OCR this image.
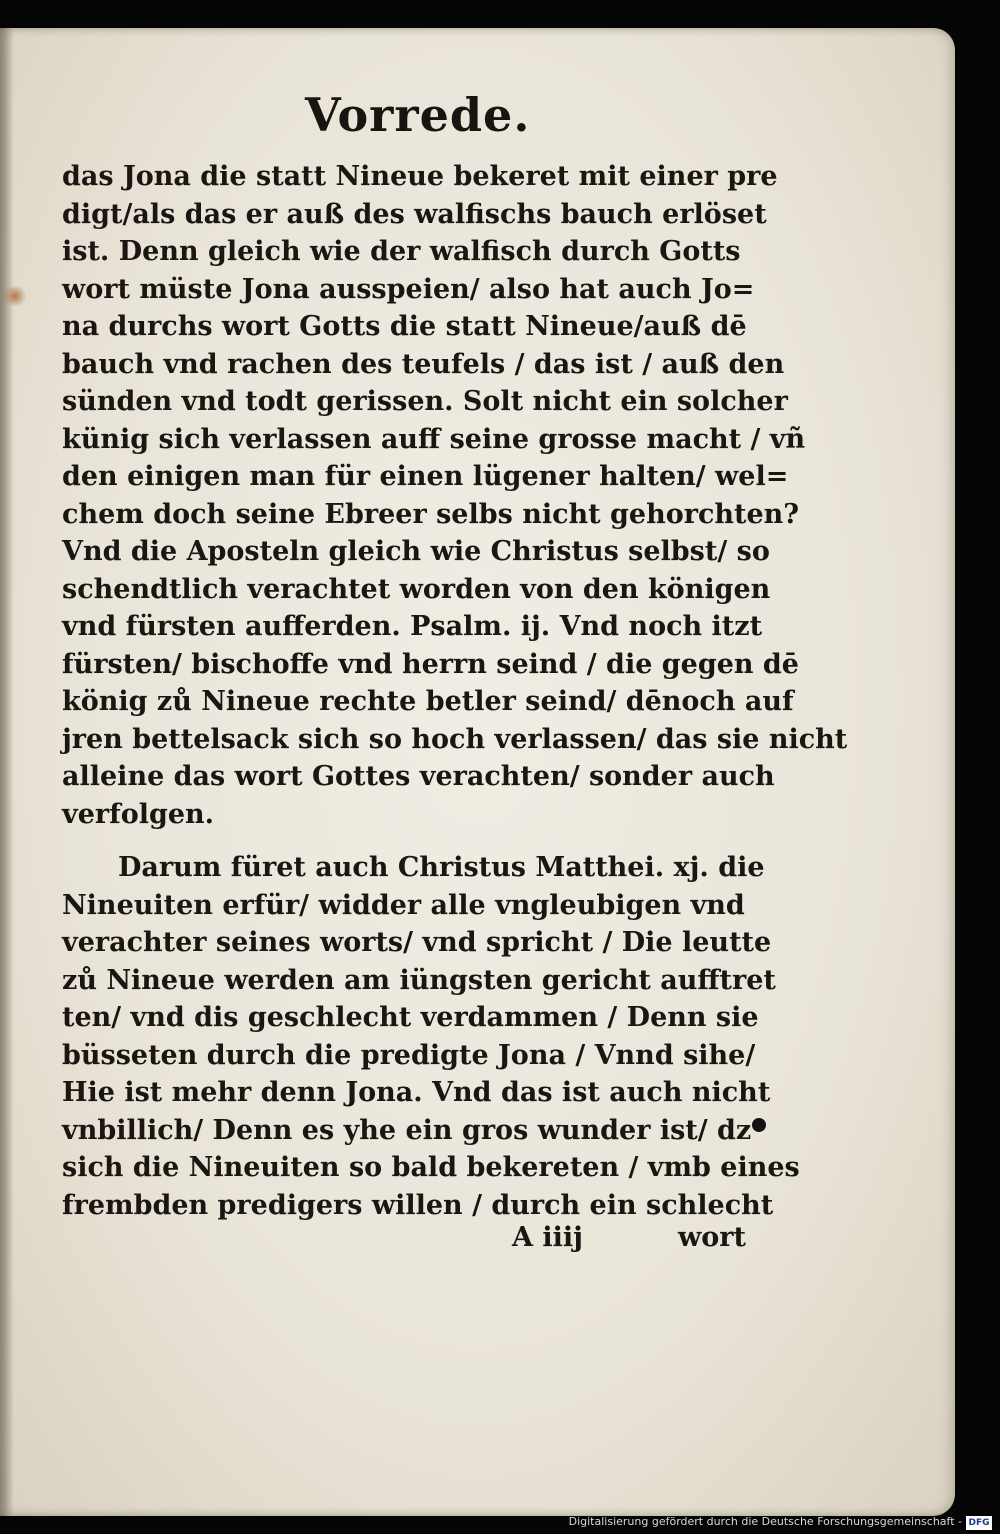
Vorrede.
das Jona die statt Nineue bekeret mit einer pre
digt/als das er auß des walfischs bauch erlöset
ist. Denn gleich wie der walfisch durch Gotts
wort müste Jona ausspeien/ also hat auch Jo=
na durchs wort Gotts die statt Nineue/auß dē
bauch vnd rachen des teufels / das ist / auß den
sünden vnd todt gerissen. Solt nicht ein solcher
künig sich verlassen auff seine grosse macht / vñ
den einigen man für einen lügener halten/ wel=
chem doch seine Ebreer selbs nicht gehorchten?
Vnd die Aposteln gleich wie Christus selbst/ so
schendtlich verachtet worden von den königen
vnd fürsten aufferden. Psalm. ij. Vnd noch itzt
fürsten/ bischoffe vnd herrn seind / die gegen dē
könig zů Nineue rechte betler seind/ dēnoch auf
jren bettelsack sich so hoch verlassen/ das sie nicht
alleine das wort Gottes verachten/ sonder auch
verfolgen.
Darum füret auch Christus Matthei. xj. die
Nineuiten erfür/ widder alle vngleubigen vnd
verachter seines worts/ vnd spricht / Die leutte
zů Nineue werden am iüngsten gericht aufftret
ten/ vnd dis geschlecht verdammen / Denn sie
büsseten durch die predigte Jona / Vnnd sihe/
Hie ist mehr denn Jona. Vnd das ist auch nicht
vnbillich/ Denn es yhe ein gros wunder ist/ dz
sich die Nineuiten so bald bekereten / vmb eines
frembden predigers willen / durch ein schlecht
A iiij	wort
Digitalisierung gefördert durch die Deutsche Forschungsgemeinschaft - DFG
